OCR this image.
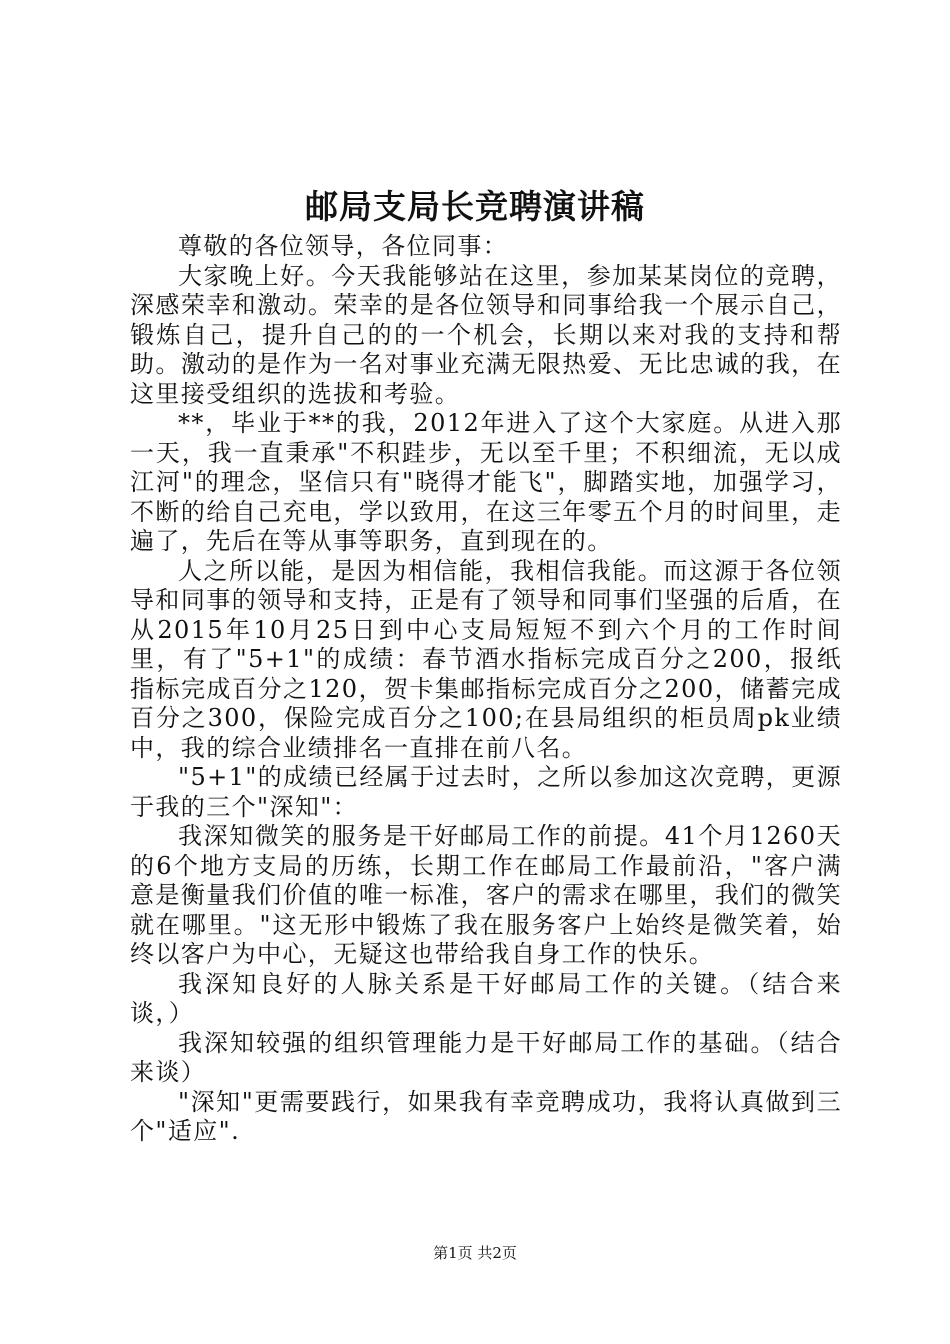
邮局支局长竞聘演讲稿

尊敬的各位领导，各位同事：

大家晚上好。今天我能够站在这里，参加某某岗位的竞聘，深感荣幸和激动。荣幸的是各位领导和同事给我一个展示自己，锻炼自己，提升自己的的一个机会，长期以来对我的支持和帮助。激动的是作为一名对事业充满无限热爱、无比忠诚的我，在这里接受组织的选拔和考验。

**，毕业于**的我，2012年进入了这个大家庭。从进入那一天，我一直秉承"不积跬步，无以至千里；不积细流，无以成江河"的理念，坚信只有"晓得才能飞"，脚踏实地，加强学习，不断的给自己充电，学以致用，在这三年零五个月的时间里，走遍了，先后在等从事等职务，直到现在的。

人之所以能，是因为相信能，我相信我能。而这源于各位领导和同事的领导和支持，正是有了领导和同事们坚强的后盾，在从2015年10月25日到中心支局短短不到六个月的工作时间里，有了"5+1"的成绩：春节酒水指标完成百分之200，报纸指标完成百分之120，贺卡集邮指标完成百分之200，储蓄完成百分之300，保险完成百分之100;在县局组织的柜员周pk业绩中，我的综合业绩排名一直排在前八名。

"5+1"的成绩已经属于过去时，之所以参加这次竞聘，更源于我的三个"深知"：

我深知微笑的服务是干好邮局工作的前提。41个月1260天的6个地方支局的历练，长期工作在邮局工作最前沿，"客户满意是衡量我们价值的唯一标准，客户的需求在哪里，我们的微笑就在哪里。"这无形中锻炼了我在服务客户上始终是微笑着，始终以客户为中心，无疑这也带给我自身工作的快乐。

我深知良好的人脉关系是干好邮局工作的关键。（结合来谈，）

我深知较强的组织管理能力是干好邮局工作的基础。（结合来谈）

"深知"更需要践行，如果我有幸竞聘成功，我将认真做到三个"适应".

第1页 共2页
